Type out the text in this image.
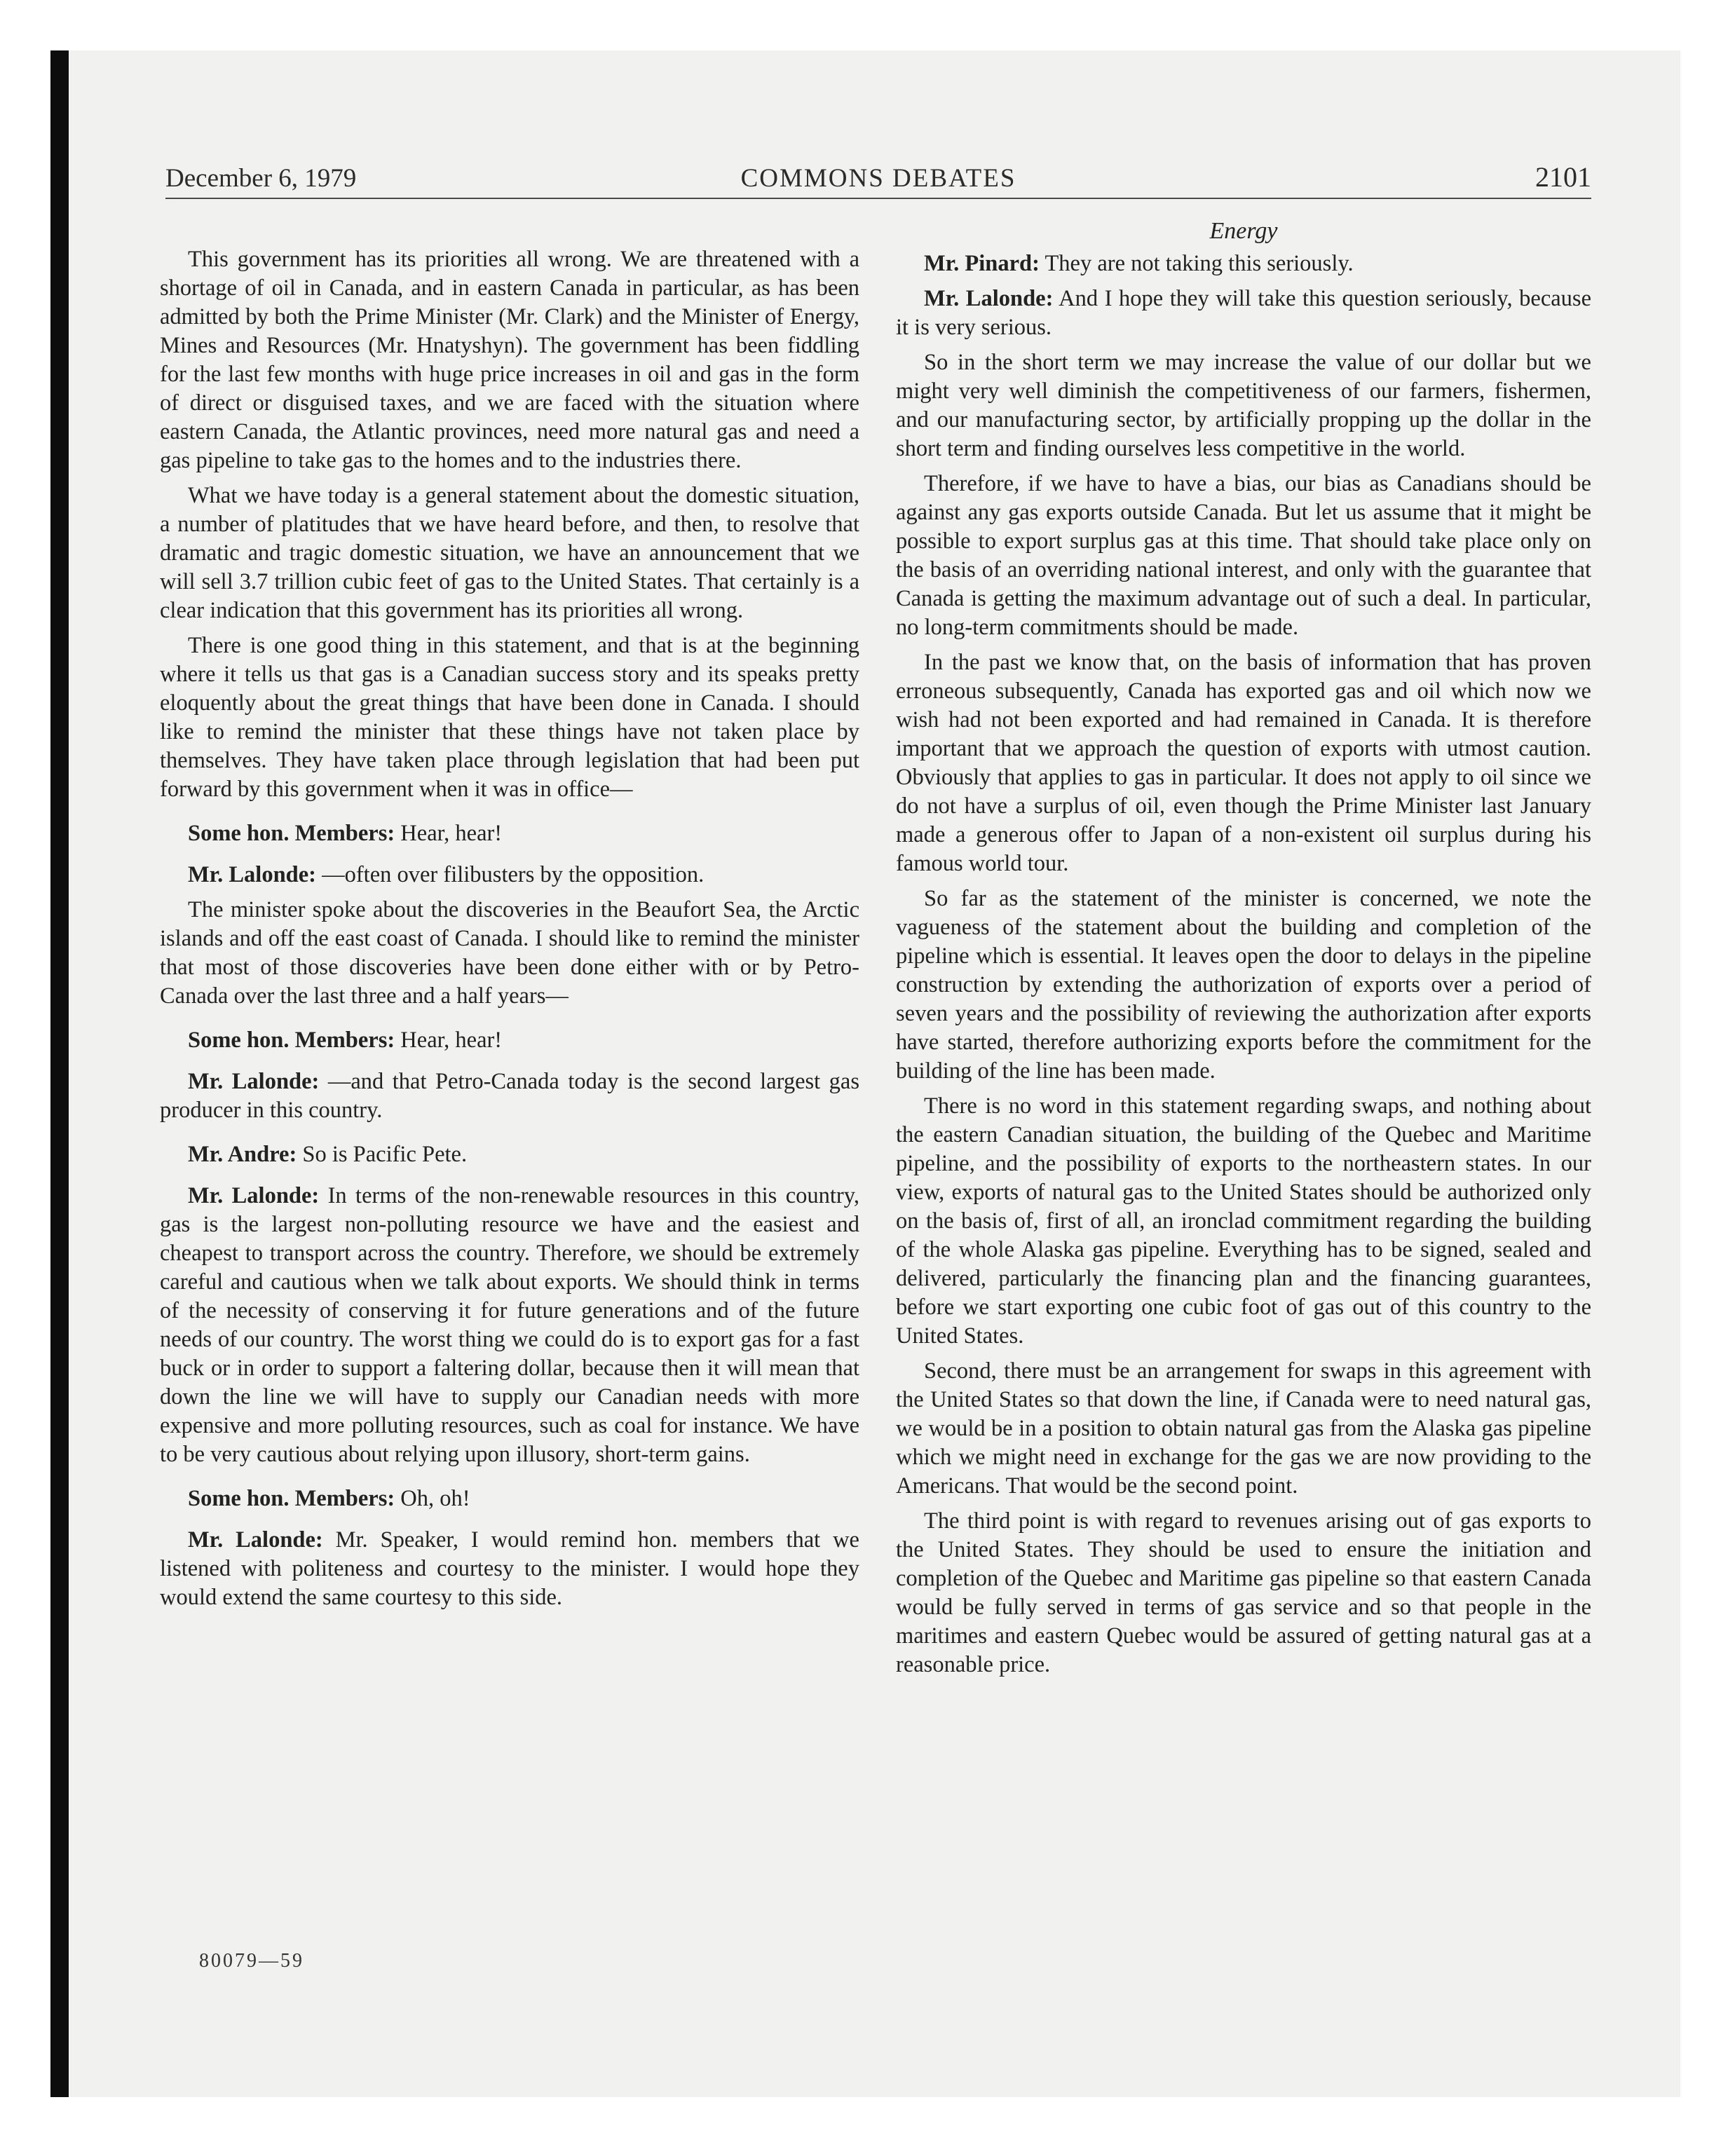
December 6, 1979	COMMONS DEBATES	2101

This government has its priorities all wrong. We are threatened with a shortage of oil in Canada, and in eastern Canada in particular, as has been admitted by both the Prime Minister (Mr. Clark) and the Minister of Energy, Mines and Resources (Mr. Hnatyshyn). The government has been fiddling for the last few months with huge price increases in oil and gas in the form of direct or disguised taxes, and we are faced with the situation where eastern Canada, the Atlantic provinces, need more natural gas and need a gas pipeline to take gas to the homes and to the industries there.

What we have today is a general statement about the domestic situation, a number of platitudes that we have heard before, and then, to resolve that dramatic and tragic domestic situation, we have an announcement that we will sell 3.7 trillion cubic feet of gas to the United States. That certainly is a clear indication that this government has its priorities all wrong.

There is one good thing in this statement, and that is at the beginning where it tells us that gas is a Canadian success story and its speaks pretty eloquently about the great things that have been done in Canada. I should like to remind the minister that these things have not taken place by themselves. They have taken place through legislation that had been put forward by this government when it was in office—

Some hon. Members: Hear, hear!

Mr. Lalonde: —often over filibusters by the opposition.

The minister spoke about the discoveries in the Beaufort Sea, the Arctic islands and off the east coast of Canada. I should like to remind the minister that most of those discoveries have been done either with or by Petro-Canada over the last three and a half years—

Some hon. Members: Hear, hear!

Mr. Lalonde: —and that Petro-Canada today is the second largest gas producer in this country.

Mr. Andre: So is Pacific Pete.

Mr. Lalonde: In terms of the non-renewable resources in this country, gas is the largest non-polluting resource we have and the easiest and cheapest to transport across the country. Therefore, we should be extremely careful and cautious when we talk about exports. We should think in terms of the necessity of conserving it for future generations and of the future needs of our country. The worst thing we could do is to export gas for a fast buck or in order to support a faltering dollar, because then it will mean that down the line we will have to supply our Canadian needs with more expensive and more polluting resources, such as coal for instance. We have to be very cautious about relying upon illusory, short-term gains.

Some hon. Members: Oh, oh!

Mr. Lalonde: Mr. Speaker, I would remind hon. members that we listened with politeness and courtesy to the minister. I would hope they would extend the same courtesy to this side.

Energy

Mr. Pinard: They are not taking this seriously.

Mr. Lalonde: And I hope they will take this question seriously, because it is very serious.

So in the short term we may increase the value of our dollar but we might very well diminish the competitiveness of our farmers, fishermen, and our manufacturing sector, by artificially propping up the dollar in the short term and finding ourselves less competitive in the world.

Therefore, if we have to have a bias, our bias as Canadians should be against any gas exports outside Canada. But let us assume that it might be possible to export surplus gas at this time. That should take place only on the basis of an overriding national interest, and only with the guarantee that Canada is getting the maximum advantage out of such a deal. In particular, no long-term commitments should be made.

In the past we know that, on the basis of information that has proven erroneous subsequently, Canada has exported gas and oil which now we wish had not been exported and had remained in Canada. It is therefore important that we approach the question of exports with utmost caution. Obviously that applies to gas in particular. It does not apply to oil since we do not have a surplus of oil, even though the Prime Minister last January made a generous offer to Japan of a non-existent oil surplus during his famous world tour.

So far as the statement of the minister is concerned, we note the vagueness of the statement about the building and completion of the pipeline which is essential. It leaves open the door to delays in the pipeline construction by extending the authorization of exports over a period of seven years and the possibility of reviewing the authorization after exports have started, therefore authorizing exports before the commitment for the building of the line has been made.

There is no word in this statement regarding swaps, and nothing about the eastern Canadian situation, the building of the Quebec and Maritime pipeline, and the possibility of exports to the northeastern states. In our view, exports of natural gas to the United States should be authorized only on the basis of, first of all, an ironclad commitment regarding the building of the whole Alaska gas pipeline. Everything has to be signed, sealed and delivered, particularly the financing plan and the financing guarantees, before we start exporting one cubic foot of gas out of this country to the United States.

Second, there must be an arrangement for swaps in this agreement with the United States so that down the line, if Canada were to need natural gas, we would be in a position to obtain natural gas from the Alaska gas pipeline which we might need in exchange for the gas we are now providing to the Americans. That would be the second point.

The third point is with regard to revenues arising out of gas exports to the United States. They should be used to ensure the initiation and completion of the Quebec and Maritime gas pipeline so that eastern Canada would be fully served in terms of gas service and so that people in the maritimes and eastern Quebec would be assured of getting natural gas at a reasonable price.

80079—59
